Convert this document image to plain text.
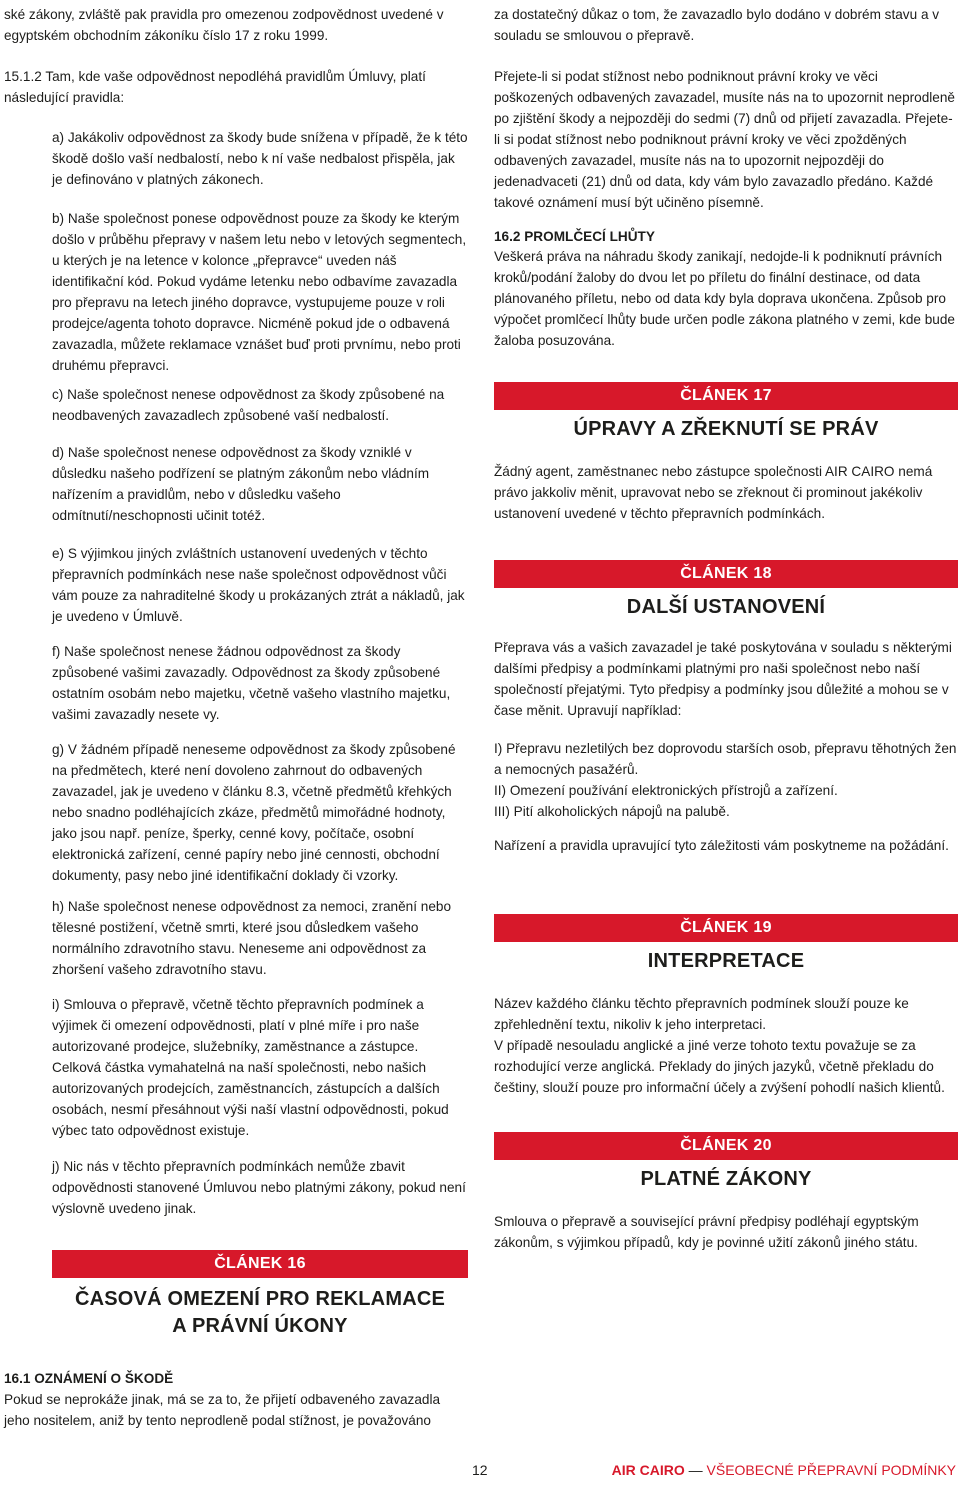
ské zákony, zvláště pak pravidla pro omezenou zodpovědnost uvedené v egyptském obchodním zákoníku číslo 17 z roku 1999.

15.1.2 Tam, kde vaše odpovědnost nepodléhá pravidlům Úmluvy, platí následující pravidla:

a) Jakákoliv odpovědnost za škody bude snížena v případě, že k této škodě došlo vaší nedbalostí, nebo k ní vaše nedbalost přispěla, jak je definováno v platných zákonech.

b) Naše společnost ponese odpovědnost pouze za škody ke kterým došlo v průběhu přepravy v našem letu nebo v letových segmentech, u kterých je na letence v kolonce „přepravce“ uveden náš identifikační kód. Pokud vydáme letenku nebo odbavíme zavazadla pro přepravu na letech jiného dopravce, vystupujeme pouze v roli prodejce/agenta tohoto dopravce. Nicméně pokud jde o odbavená zavazadla, můžete reklamace vznášet buď proti prvnímu, nebo proti druhému přepravci.

c) Naše společnost nenese odpovědnost za škody způsobené na neodbavených zavazadlech způsobené vaší nedbalostí.

d) Naše společnost nenese odpovědnost za škody vzniklé v důsledku našeho podřízení se platným zákonům nebo vládním nařízením a pravidlům, nebo v důsledku vašeho odmítnutí/neschopnosti učinit totéž.

e) S výjimkou jiných zvláštních ustanovení uvedených v těchto přepravních podmínkách nese naše společnost odpovědnost vůči vám pouze za nahraditelné škody u prokázaných ztrát a nákladů, jak je uvedeno v Úmluvě.

f) Naše společnost nenese žádnou odpovědnost za škody způsobené vašimi zavazadly. Odpovědnost za škody způsobené ostatním osobám nebo majetku, včetně vašeho vlastního majetku, vašimi zavazadly nesete vy.

g) V žádném případě neneseme odpovědnost za škody způsobené na předmětech, které není dovoleno zahrnout do odbavených zavazadel, jak je uvedeno v článku 8.3, včetně předmětů křehkých nebo snadno podléhajících zkáze, předmětů mimořádné hodnoty, jako jsou např. peníze, šperky, cenné kovy, počítače, osobní elektronická zařízení, cenné papíry nebo jiné cennosti, obchodní dokumenty, pasy nebo jiné identifikační doklady či vzorky.

h) Naše společnost nenese odpovědnost za nemoci, zranění nebo tělesné postižení, včetně smrti, které jsou důsledkem vašeho normálního zdravotního stavu. Neneseme ani odpovědnost za zhoršení vašeho zdravotního stavu.

i) Smlouva o přepravě, včetně těchto přepravních podmínek a výjimek či omezení odpovědnosti, platí v plné míře i pro naše autorizované prodejce, služebníky, zaměstnance a zástupce. Celková částka vymahatelná na naší společnosti, nebo našich autorizovaných prodejcích, zaměstnancích, zástupcích a dalších osobách, nesmí přesáhnout výši naší vlastní odpovědnosti, pokud výbec tato odpovědnost existuje.

j) Nic nás v těchto přepravních podmínkách nemůže zbavit odpovědnosti stanovené Úmluvou nebo platnými zákony, pokud není výslovně uvedeno jinak.

ČLÁNEK 16

ČASOVÁ OMEZENÍ PRO REKLAMACE

A PRÁVNÍ ÚKONY

16.1 OZNÁMENÍ O ŠKODĚ

Pokud se neprokáže jinak, má se za to, že přijetí odbaveného zavazadla jeho nositelem, aniž by tento neprodleně podal stížnost, je považováno

za dostatečný důkaz o tom, že zavazadlo bylo dodáno v dobrém stavu a v souladu se smlouvou o přepravě.

Přejete-li si podat stížnost nebo podniknout právní kroky ve věci poškozených odbavených zavazadel, musíte nás na to upozornit neprodleně po zjištění škody a nejpozději do sedmi (7) dnů od přijetí zavazadla. Přejete-li si podat stížnost nebo podniknout právní kroky ve věci zpožděných odbavených zavazadel, musíte nás na to upozornit nejpozději do jedenadvaceti (21) dnů od data, kdy vám bylo zavazadlo předáno. Každé takové oznámení musí být učiněno písemně.

16.2 PROMLČECÍ LHŮTY

Veškerá práva na náhradu škody zanikají, nedojde-li k podniknutí právních kroků/podání žaloby do dvou let po příletu do finální destinace, od data plánovaného příletu, nebo od data kdy byla doprava ukončena. Způsob pro výpočet promlčecí lhůty bude určen podle zákona platného v zemi, kde bude žaloba posuzována.

ČLÁNEK 17

ÚPRAVY A ZŘEKNUTÍ SE PRÁV

Žádný agent, zaměstnanec nebo zástupce společnosti AIR CAIRO nemá právo jakkoliv měnit, upravovat nebo se zřeknout či prominout jakékoliv ustanovení uvedené v těchto přepravních podmínkách.

ČLÁNEK 18

DALŠÍ USTANOVENÍ

Přeprava vás a vašich zavazadel je také poskytována v souladu s některými dalšími předpisy a podmínkami platnými pro naši společnost nebo naší společností přejatými. Tyto předpisy a podmínky jsou důležité a mohou se v čase měnit. Upravují například:

I) Přepravu nezletilých bez doprovodu starších osob, přepravu těhotných žen a nemocných pasažérů.
II) Omezení používání elektronických přístrojů a zařízení.
III) Pití alkoholických nápojů na palubě.

Nařízení a pravidla upravující tyto záležitosti vám poskytneme na požádání.

ČLÁNEK 19

INTERPRETACE

Název každého článku těchto přepravních podmínek slouží pouze ke zpřehlednění textu, nikoliv k jeho interpretaci.
V případě nesouladu anglické a jiné verze tohoto textu považuje se za rozhodující verze anglická. Překlady do jiných jazyků, včetně překladu do češtiny, slouží pouze pro informační účely a zvýšení pohodlí našich klientů.

ČLÁNEK 20

PLATNÉ ZÁKONY

Smlouva o přepravě a související právní předpisy podléhají egyptským zákonům, s výjimkou případů, kdy je povinné užití zákonů jiného státu.

12	AIR CAIRO — VŠEOBECNÉ PŘEPRAVNÍ PODMÍNKY
